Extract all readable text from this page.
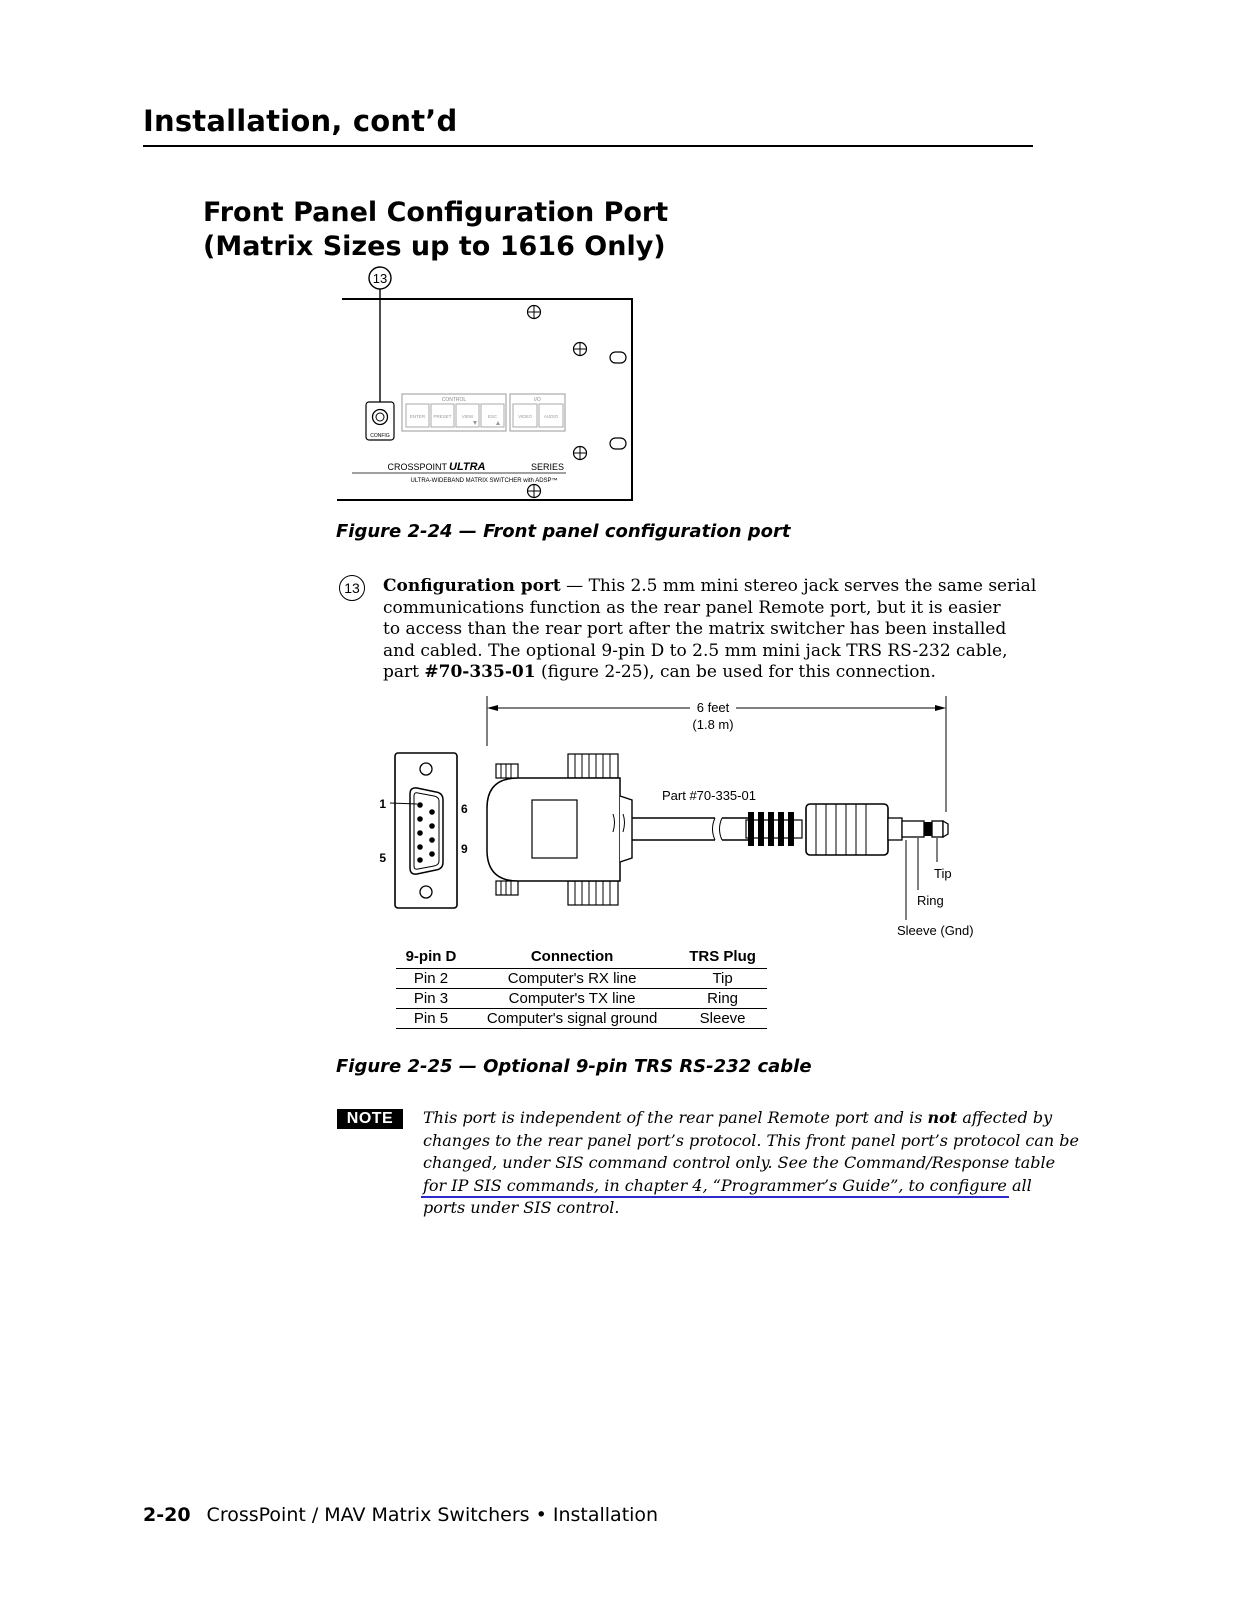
Installation, cont’d
Front Panel Configuration Port
(Matrix Sizes up to 1616 Only)
13
CONFIG
CONTROL
ENTER PRESET VIEW	ESC
I/O
VIDEO	AUDIO
CROSSPOINT ULTRA	SERIES
ULTRA-WIDEBAND MATRIX SWITCHER with ADSP™
Figure 2-24 — Front panel configuration port
13	Configuration port — This 2.5 mm mini stereo jack serves the same serial
communications function as the rear panel Remote port, but it is easier
to access than the rear port after the matrix switcher has been installed
and cabled. The optional 9-pin D to 2.5 mm mini jack TRS RS-232 cable,
part #70-335-01 (figure 2-25), can be used for this connection.
6 feet
(1.8 m)
1
5
6
9
Part #70-335-01
Tip
Ring
Sleeve (Gnd)
9-pin D	Connection	TRS Plug
Pin 2	Computer's RX line	Tip
Pin 3	Computer's TX line	Ring
Pin 5	Computer's signal ground	Sleeve
Figure 2-25 — Optional 9-pin TRS RS-232 cable
NOTE	This port is independent of the rear panel Remote port and is not affected by
changes to the rear panel port’s protocol. This front panel port’s protocol can be
changed, under SIS command control only. See the Command/Response table
for IP SIS commands, in chapter 4, “Programmer’s Guide”, to configure all
ports under SIS control.
2-20 CrossPoint / MAV Matrix Switchers • Installation
